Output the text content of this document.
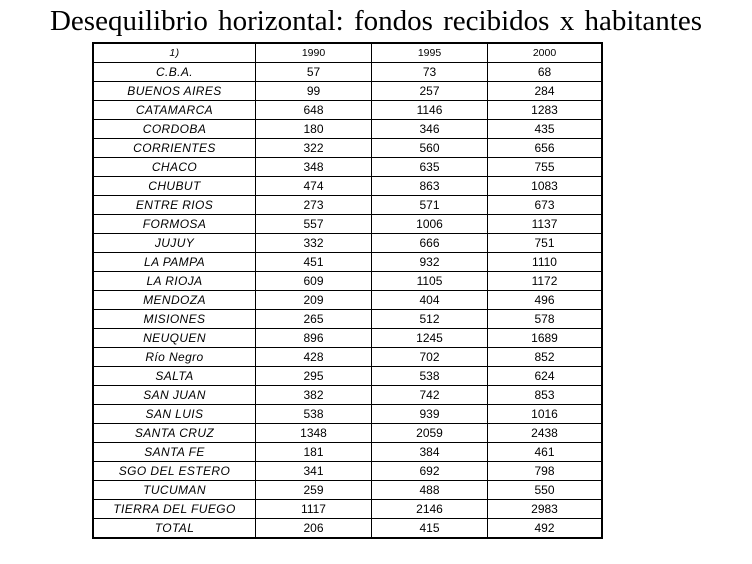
Desequilibrio horizontal: fondos recibidos x habitantes
1)	1990	1995	2000
C.B.A.	57	73	68
BUENOS AIRES	99	257	284
CATAMARCA	648	1146	1283
CORDOBA	180	346	435
CORRIENTES	322	560	656
CHACO	348	635	755
CHUBUT	474	863	1083
ENTRE RIOS	273	571	673
FORMOSA	557	1006	1137
JUJUY	332	666	751
LA PAMPA	451	932	1110
LA RIOJA	609	1105	1172
MENDOZA	209	404	496
MISIONES	265	512	578
NEUQUEN	896	1245	1689
Río Negro	428	702	852
SALTA	295	538	624
SAN JUAN	382	742	853
SAN LUIS	538	939	1016
SANTA CRUZ	1348	2059	2438
SANTA FE	181	384	461
SGO DEL ESTERO	341	692	798
TUCUMAN	259	488	550
TIERRA DEL FUEGO	1117	2146	2983
TOTAL	206	415	492
